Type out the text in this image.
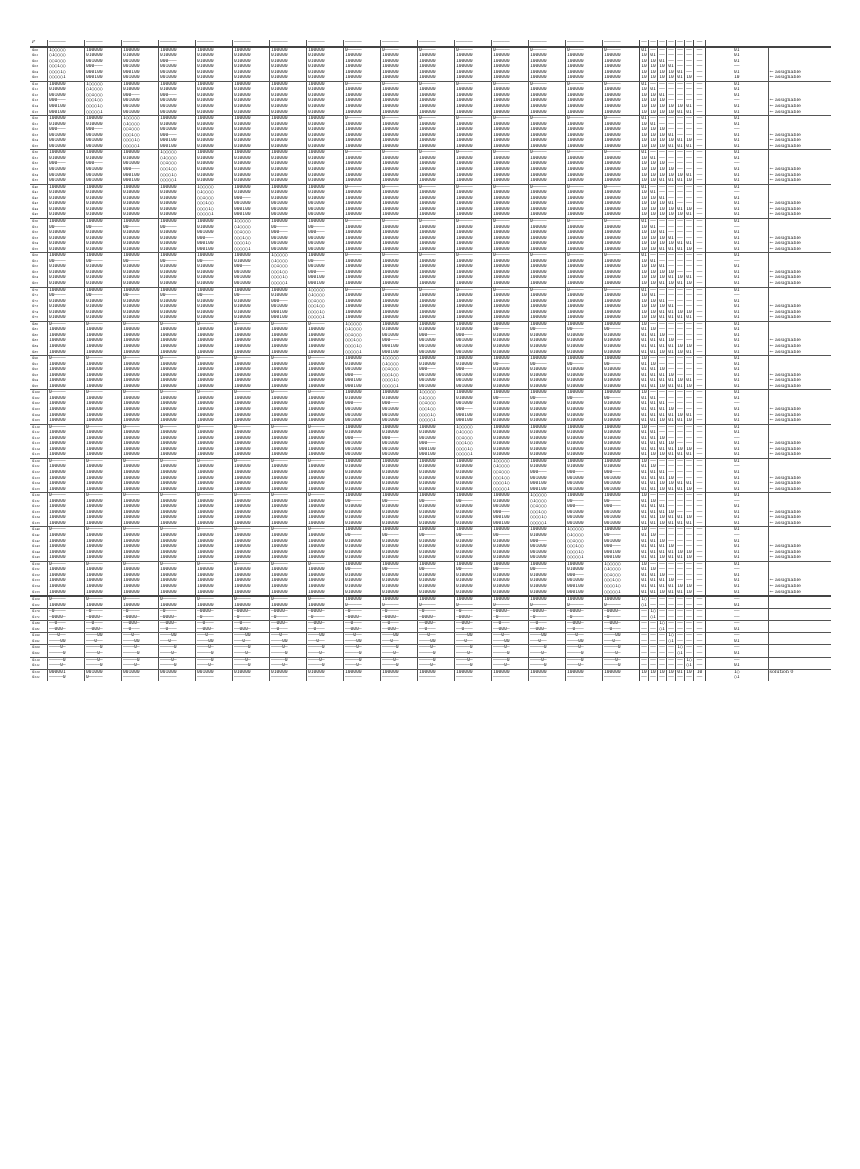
P	––––––	––––––	––––––	––––––	––––––	––––––	––––––	––––––	––––––	––––––	––––––	––––––	––––––	––––––	––––––	––––––	––	––	––	––	––	––	––		
s₀₀	1○○○○○	100000	100000	100000	100000	100000	100000	100000	0–––––	0–––––	0–––––	0–––––	0–––––	0–––––	0–––––	0–––––	01	––	––	––	––	––	––	01	
s₀₁	○1○○○○	010000	010000	010000	010000	010000	010000	010000	100000	100000	100000	100000	100000	100000	100000	100000	10	01	––	––	––	––	––	01	
s₀₂	○○1○○○	001000	001000	000–––	010000	010000	010000	010000	100000	100000	100000	100000	100000	100000	100000	100000	10	10	01	––	––	––	––	01	
s₀₃	○○○1○○	000–––	001000	001000	010000	010000	010000	010000	100000	100000	100000	100000	100000	100000	100000	100000	10	10	10	01	––	––	––	––	
s₀₄	○○○○1○	000100	000100	001000	010000	010000	010000	010000	100000	100000	100000	100000	100000	100000	100000	100000	10	10	10	10	01	––	––	01	← assignable
s₀₅	○○○○○1	000100	001000	001000	010000	010000	010000	010000	100000	100000	100000	100000	100000	100000	100000	100000	10	10	10	10	01	10	––	10	← assignable
s₁₀	100000	1○○○○○	100000	100000	100000	100000	100000	100000	0–––––	0–––––	0–––––	0–––––	0–––––	0–––––	0–––––	0–––––	01	––	––	––	––	––	––	01	
s₁₁	010000	○1○○○○	010000	010000	010000	010000	010000	010000	100000	100000	100000	100000	100000	100000	100000	100000	10	01	––	––	––	––	––	01	
s₁₂	001000	○○1○○○	000–––	000–––	010000	010000	010000	010000	100000	100000	100000	100000	100000	100000	100000	100000	10	10	01	––	––	––	––	01	
s₁₃	000–––	○○○1○○	001000	001000	010000	010000	010000	010000	100000	100000	100000	100000	100000	100000	100000	100000	10	10	10	––	––	––	––	––	← assignable
s₁₄	000100	○○○○1○	001000	001000	010000	010000	010000	010000	100000	100000	100000	100000	100000	100000	100000	100000	10	10	10	10	10	01	––	01	← assignable
s₁₅	000100	○○○○○1	001000	001000	010000	010000	010000	010000	100000	100000	100000	100000	100000	100000	100000	100000	10	10	10	10	01	01	––	01	← assignable
s₂₀	100000	100000	1○○○○○	100000	100000	100000	100000	100000	0–––––	0–––––	0–––––	0–––––	0–––––	0–––––	0–––––	0–––––	01	––	––	––	––	––	––	01	
s₂₁	010000	010000	○1○○○○	010000	010000	010000	010000	010000	100000	100000	100000	100000	100000	100000	100000	100000	10	01	––	––	––	––	––	01	
s₂₂	000–––	000–––	○○1○○○	001000	010000	010000	010000	010000	100000	100000	100000	100000	100000	100000	100000	100000	10	10	10	––	––	––	––	––	
s₂₃	001000	001000	○○○1○○	000–––	010000	010000	010000	010000	100000	100000	100000	100000	100000	100000	100000	100000	10	10	10	01	––	––	––	01	← assignable
s₂₄	001000	001000	○○○○1○	000100	010000	010000	010000	010000	100000	100000	100000	100000	100000	100000	100000	100000	10	10	10	10	01	10	––	01	← assignable
s₂₅	001000	001000	○○○○○1	000100	010000	010000	010000	010000	100000	100000	100000	100000	100000	100000	100000	100000	10	10	10	01	01	01	––	01	← assignable
s₃₀	100000	100000	100000	1○○○○○	100000	100000	100000	100000	0–––––	0–––––	0–––––	0–––––	0–––––	0–––––	0–––––	0–––––	01	––	––	––	––	––	––	01	
s₃₁	010000	010000	010000	○1○○○○	010000	010000	010000	010000	100000	100000	100000	100000	100000	100000	100000	100000	10	01	––	––	––	––	––	01	
s₃₂	000–––	000–––	001000	○○1○○○	010000	010000	010000	010000	100000	100000	100000	100000	100000	100000	100000	100000	10	10	10	––	––	––	––	––	
s₃₃	001000	001000	000–––	○○○1○○	010000	010000	010000	010000	100000	100000	100000	100000	100000	100000	100000	100000	10	10	10	10	––	––	––	01	← assignable
s₃₄	001000	001000	000100	○○○○1○	010000	010000	010000	010000	100000	100000	100000	100000	100000	100000	100000	100000	10	10	10	10	10	01	––	01	← assignable
s₃₅	001000	001000	000100	○○○○○1	010000	010000	010000	010000	100000	100000	100000	100000	100000	100000	100000	100000	10	10	01	01	01	10	––	01	← assignable
s₄₀	100000	100000	100000	100000	1○○○○○	100000	100000	100000	0–––––	0–––––	0–––––	0–––––	0–––––	0–––––	0–––––	0–––––	01	––	––	––	––	––	––	01	
s₄₁	010000	010000	010000	010000	○1○○○○	010000	010000	010000	100000	100000	100000	100000	100000	100000	100000	100000	10	01	––	––	––	––	––	––	
s₄₂	010000	010000	010000	010000	○○1○○○	000–––	010000	010000	100000	100000	100000	100000	100000	100000	100000	100000	10	10	01	––	––	––	––	01	
s₄₃	010000	010000	010000	010000	○○○1○○	001000	001000	001000	100000	100000	100000	100000	100000	100000	100000	100000	10	10	10	01	––	––	––	01	← assignable
s₄₄	010000	010000	010000	010000	○○○○1○	000100	001000	001000	100000	100000	100000	100000	100000	100000	100000	100000	10	10	10	10	01	10	––	01	← assignable
s₄₅	010000	010000	010000	010000	○○○○○1	000100	001000	001000	100000	100000	100000	100000	100000	100000	100000	100000	10	10	10	10	10	01	––	01	← assignable
s₅₀	100000	100000	100000	100000	100000	1○○○○○	100000	100000	0–––––	0–––––	0–––––	0–––––	0–––––	0–––––	0–––––	0–––––	01	––	––	––	––	––	––	01	
s₅₁	00––––	00––––	00––––	00––––	010000	○1○○○○	00––––	00––––	100000	100000	100000	100000	100000	100000	100000	100000	10	01	––	––	––	––	––	––	
s₅₂	010000	010000	010000	010000	001000	○○1○○○	000–––	000–––	100000	100000	100000	100000	100000	100000	100000	100000	10	10	01	––	––	––	––	01	
s₅₃	010000	010000	010000	010000	000–––	○○○1○○	001000	001000	100000	100000	100000	100000	100000	100000	100000	100000	10	10	10	01	––	––	––	01	← assignable
s₅₄	010000	010000	010000	010000	000100	○○○○1○	001000	001000	100000	100000	100000	100000	100000	100000	100000	100000	10	10	10	10	01	01	––	01	← assignable
s₅₅	010000	010000	010000	010000	000100	○○○○○1	001000	001000	100000	100000	100000	100000	100000	100000	100000	100000	10	10	01	01	01	10	––	01	← assignable
s₆₀	100000	100000	100000	100000	100000	100000	1○○○○○	100000	0–––––	0–––––	0–––––	0–––––	0–––––	0–––––	0–––––	0–––––	01	––	––	––	––	––	––	01	
s₆₁	00––––	00––––	00––––	00––––	00––––	010000	○1○○○○	00––––	100000	100000	100000	100000	100000	100000	100000	100000	10	01	––	––	––	––	––	––	
s₆₂	010000	010000	010000	010000	010000	000–––	○○1○○○	001000	100000	100000	100000	100000	100000	100000	100000	100000	10	10	01	––	––	––	––	01	
s₆₃	010000	010000	010000	010000	010000	001000	○○○1○○	000–––	100000	100000	100000	100000	100000	100000	100000	100000	10	10	10	10	––	––	––	01	← assignable
s₆₄	010000	010000	010000	010000	010000	001000	○○○○1○	000100	100000	100000	100000	100000	100000	100000	100000	100000	10	10	10	01	10	01	––	01	← assignable
s₆₅	010000	010000	010000	010000	010000	001000	○○○○○1	000100	100000	100000	100000	100000	100000	100000	100000	100000	10	10	01	10	01	10	––	01	← assignable
s₇₀	100000	100000	100000	100000	100000	100000	100000	1○○○○○	0–––––	0–––––	0–––––	0–––––	0–––––	0–––––	0–––––	0–––––	01	––	––	––	––	––	––	01	
s₇₁	00––––	00––––	00––––	00––––	00––––	00––––	010000	○1○○○○	100000	100000	100000	100000	100000	100000	100000	100000	10	01	––	––	––	––	––	––	
s₇₂	010000	010000	010000	010000	010000	010000	000–––	○○1○○○	100000	100000	100000	100000	100000	100000	100000	100000	10	10	01	––	––	––	––	01	
s₇₃	010000	010000	010000	010000	010000	010000	001000	○○○1○○	100000	100000	100000	100000	100000	100000	100000	100000	10	10	10	01	––	––	––	01	← assignable
s₇₄	010000	010000	010000	010000	010000	010000	000100	○○○○1○	100000	100000	100000	100000	100000	100000	100000	100000	10	10	01	01	10	10	––	01	← assignable
s₇₅	010000	010000	010000	010000	010000	010000	000100	○○○○○1	100000	100000	100000	100000	100000	100000	100000	100000	10	10	01	01	01	01	––	01	← assignable
s₈₀	0–––––	0–––––	0–––––	0–––––	0–––––	0–––––	0–––––	0–––––	1○○○○○	100000	100000	100000	100000	100000	100000	100000	10	––	––	––	––	––	––	01	
s₈₁	100000	100000	100000	100000	100000	100000	100000	100000	○1○○○○	010000	010000	010000	00––––	00––––	00––––	00––––	01	10	––	––	––	––	––	01	
s₈₂	100000	100000	100000	100000	100000	100000	100000	100000	○○1○○○	001000	000–––	000–––	010000	010000	010000	010000	01	01	10	––	––	––	––	01	
s₈₃	100000	100000	100000	100000	100000	100000	100000	100000	○○○1○○	000–––	001000	001000	010000	010000	010000	010000	01	01	01	10	––	––	––	01	← assignable
s₈₄	100000	100000	100000	100000	100000	100000	100000	100000	○○○○1○	000100	001000	001000	010000	010000	010000	010000	01	01	01	01	10	10	––	01	← assignable
s₈₅	100000	100000	100000	100000	100000	100000	100000	100000	○○○○○1	000100	001000	001000	010000	010000	010000	010000	01	01	10	01	10	01	––	01	← assignable
s₉₀	0–––––	0–––––	0–––––	0–––––	0–––––	0–––––	0–––––	0–––––	100000	1○○○○○	100000	100000	100000	100000	100000	100000	10	––	––	––	––	––	––	01	
s₉₁	100000	100000	100000	100000	100000	100000	100000	100000	010000	○1○○○○	010000	010000	00––––	00––––	00––––	00––––	01	10	––	––	––	––	––	01	
s₉₂	100000	100000	100000	100000	100000	100000	100000	100000	001000	○○1○○○	000–––	000–––	010000	010000	010000	010000	01	01	10	––	––	––	––	01	
s₉₃	100000	100000	100000	100000	100000	100000	100000	100000	000–––	○○○1○○	001000	001000	010000	010000	010000	010000	01	01	01	10	––	––	––	01	← assignable
s₉₄	100000	100000	100000	100000	100000	100000	100000	100000	000100	○○○○1○	001000	001000	010000	010000	010000	010000	01	01	01	01	10	01	––	01	← assignable
s₉₅	100000	100000	100000	100000	100000	100000	100000	100000	000100	○○○○○1	001000	001000	010000	010000	010000	010000	01	01	10	01	01	10	––	01	← assignable
s₁₀₀	0–––––	0–––––	0–––––	0–––––	0–––––	0–––––	0–––––	0–––––	100000	100000	1○○○○○	100000	100000	100000	100000	100000	10	––	––	––	––	––	––	01	
s₁₀₁	100000	100000	100000	100000	100000	100000	100000	100000	010000	010000	○1○○○○	010000	00––––	00––––	00––––	00––––	01	01	––	––	––	––	––	01	
s₁₀₂	100000	100000	100000	100000	100000	100000	100000	100000	000–––	000–––	○○1○○○	001000	010000	010000	010000	010000	01	01	01	––	––	––	––	––	
s₁₀₃	100000	100000	100000	100000	100000	100000	100000	100000	001000	001000	○○○1○○	000–––	010000	010000	010000	010000	01	01	01	10	––	––	––	01	← assignable
s₁₀₄	100000	100000	100000	100000	100000	100000	100000	100000	001000	001000	○○○○1○	000100	010000	010000	010000	010000	01	01	01	01	10	01	––	01	← assignable
s₁₀₅	100000	100000	100000	100000	100000	100000	100000	100000	001000	001000	○○○○○1	000100	010000	010000	010000	010000	01	01	10	01	01	10	––	01	← assignable
s₁₁₀	0–––––	0–––––	0–––––	0–––––	0–––––	0–––––	0–––––	0–––––	100000	100000	100000	1○○○○○	100000	100000	100000	100000	10	––	––	––	––	––	––	01	
s₁₁₁	100000	100000	100000	100000	100000	100000	100000	100000	010000	010000	010000	○1○○○○	010000	010000	010000	010000	01	01	––	––	––	––	––	01	
s₁₁₂	100000	100000	100000	100000	100000	100000	100000	100000	000–––	000–––	001000	○○1○○○	010000	010000	010000	010000	01	01	10	––	––	––	––	––	
s₁₁₃	100000	100000	100000	100000	100000	100000	100000	100000	001000	001000	000–––	○○○1○○	010000	010000	010000	010000	01	01	01	10	––	––	––	01	← assignable
s₁₁₄	100000	100000	100000	100000	100000	100000	100000	100000	001000	001000	000100	○○○○1○	010000	010000	010000	010000	01	01	01	01	10	10	––	01	← assignable
s₁₁₅	100000	100000	100000	100000	100000	100000	100000	100000	001000	001000	000100	○○○○○1	010000	010000	010000	010000	01	10	10	01	01	01	––	01	← assignable
s₁₂₀	0–––––	0–––––	0–––––	0–––––	0–––––	0–––––	0–––––	0–––––	100000	100000	100000	100000	1○○○○○	100000	100000	100000	10	––	––	––	––	––	––	01	
s₁₂₁	100000	100000	100000	100000	100000	100000	100000	100000	010000	010000	010000	010000	○1○○○○	010000	010000	010000	01	10	––	––	––	––	––	––	
s₁₂₂	100000	100000	100000	100000	100000	100000	100000	100000	010000	010000	010000	010000	○○1○○○	000–––	000–––	000–––	01	01	01	––	––	––	––	01	
s₁₂₃	100000	100000	100000	100000	100000	100000	100000	100000	010000	010000	010000	010000	○○○1○○	001000	001000	001000	01	01	01	10	––	––	––	01	← assignable
s₁₂₄	100000	100000	100000	100000	100000	100000	100000	100000	010000	010000	010000	010000	○○○○1○	000100	001000	001000	01	01	10	10	01	01	––	01	← assignable
s₁₂₅	100000	100000	100000	100000	100000	100000	100000	100000	010000	010000	010000	010000	○○○○○1	000100	001000	001000	01	01	10	01	01	10	––	01	← assignable
s₁₃₀	0–––––	0–––––	0–––––	0–––––	0–––––	0–––––	0–––––	0–––––	100000	100000	100000	100000	100000	1○○○○○	100000	100000	10	––	––	––	––	––	––	01	
s₁₃₁	100000	100000	100000	100000	100000	100000	100000	100000	00––––	00––––	00––––	00––––	010000	○1○○○○	00––––	00––––	01	10	––	––	––	––	––	––	
s₁₃₂	100000	100000	100000	100000	100000	100000	100000	100000	010000	010000	010000	010000	001000	○○1○○○	000–––	000–––	01	01	01	––	––	––	––	01	
s₁₃₃	100000	100000	100000	100000	100000	100000	100000	100000	010000	010000	010000	010000	000–––	○○○1○○	001000	001000	01	01	01	10	––	––	––	01	← assignable
s₁₃₄	100000	100000	100000	100000	100000	100000	100000	100000	010000	010000	010000	010000	000100	○○○○1○	001000	001000	01	01	10	01	01	10	––	01	← assignable
s₁₃₅	100000	100000	100000	100000	100000	100000	100000	100000	010000	010000	010000	010000	000100	○○○○○1	001000	001000	01	01	10	01	01	01	––	01	← assignable
s₁₄₀	0–––––	0–––––	0–––––	0–––––	0–––––	0–––––	0–––––	0–––––	100000	100000	100000	100000	100000	100000	1○○○○○	100000	10	––	––	––	––	––	––	01	
s₁₄₁	100000	100000	100000	100000	100000	100000	100000	100000	00––––	00––––	00––––	00––––	00––––	010000	○1○○○○	00––––	01	10	––	––	––	––	––	––	
s₁₄₂	100000	100000	100000	100000	100000	100000	100000	100000	010000	010000	010000	010000	010000	000–––	○○1○○○	001000	01	01	10	––	––	––	––	01	
s₁₄₃	100000	100000	100000	100000	100000	100000	100000	100000	010000	010000	010000	010000	010000	001000	○○○1○○	000–––	01	01	01	10	––	––	––	01	← assignable
s₁₄₄	100000	100000	100000	100000	100000	100000	100000	100000	010000	010000	010000	010000	010000	001000	○○○○1○	000100	01	01	01	01	10	10	––	01	← assignable
s₁₄₅	100000	100000	100000	100000	100000	100000	100000	100000	010000	010000	010000	010000	010000	001000	○○○○○1	000100	01	01	10	01	01	10	––	01	← assignable
s₁₅₀	0–––––	0–––––	0–––––	0–––––	0–––––	0–––––	0–––––	0–––––	100000	100000	100000	100000	100000	100000	100000	1○○○○○	10	––	––	––	––	––	––	01	
s₁₅₁	100000	100000	100000	100000	100000	100000	100000	100000	00––––	00––––	00––––	00––––	00––––	00––––	010000	○1○○○○	01	10	––	––	––	––	––	––	
s₁₅₂	100000	100000	100000	100000	100000	100000	100000	100000	010000	010000	010000	010000	010000	010000	000–––	○○1○○○	01	01	10	––	––	––	––	01	
s₁₅₃	100000	100000	100000	100000	100000	100000	100000	100000	010000	010000	010000	010000	010000	010000	001000	○○○1○○	01	01	01	10	––	––	––	01	← assignable
s₁₅₄	100000	100000	100000	100000	100000	100000	100000	100000	010000	010000	010000	010000	010000	010000	000100	○○○○1○	01	01	01	01	10	10	––	01	← assignable
s₁₅₅	100000	100000	100000	100000	100000	100000	100000	100000	010000	010000	010000	010000	010000	010000	000100	○○○○○1	01	01	10	01	01	10	––	01	← assignable
s₁₆₀	0–––––	0–––––	0–––––	0–––––	0–––––	0–––––	0–––––	0–––––	100000	100000	100000	100000	100000	100000	100000	100000	1○	––	––	––	––	––	––	––	
s₁₆₁	100000	100000	100000	100000	100000	100000	100000	100000	0–––––	0–––––	0–––––	0–––––	0–––––	0–––––	0–––––	0–––––	○1	––	––	––	––	––	––	01	
s₁₇₀	–0––––	–0––––	–0––––	–0––––	–0000–	–0000–	–0000–	–0000–	–0––––	–0––––	–0––––	–0––––	–0000–	–0000–	–0000–	–0000–	––	1○	––	––	––	––	––	––	
s₁₇₁	–0000–	–0000–	–0000–	–0000–	–0––––	–0––––	–0––––	–0––––	–0000–	–0000–	–0000–	–0000–	–0––––	–0––––	–0––––	–0––––	––	○1	––	––	––	––	––	––	
s₁₈₀	––0–––	––0–––	––000–	––000–	––0–––	––0–––	––000–	––000–	––0–––	––0–––	––000–	––000–	––0–––	––0–––	––000–	––000–	––	––	1○	––	––	––	––	––	
s₁₈₁	––000–	––000–	––0–––	––0–––	––000–	––000–	––0–––	––0–––	––000–	––000–	––0–––	––0–––	––000–	––000–	––0–––	––0–––	––	––	○1	––	––	––	––	01	
s₁₉₀	–––0––	––––00	–––0––	––––00	–––0––	––––00	–––0––	––––00	–––0––	––––00	–––0––	––––00	–––0––	––––00	–––0––	––––00	––	––	––	1○	––	––	––	––	
s₁₉₁	––––00	–––0––	––––00	–––0––	––––00	–––0––	––––00	–––0––	––––00	–––0––	––––00	–––0––	––––00	–––0––	––––00	–––0––	––	––	––	○1	––	––	––	01	
s₂₀₀	––––0–	–––––0	––––0–	–––––0	––––0–	–––––0	––––0–	–––––0	––––0–	–––––0	––––0–	–––––0	––––0–	–––––0	––––0–	–––––0	––	––	––	––	1○	––	––	––	
s₂₀₁	–––––0	––––0–	–––––0	––––0–	–––––0	––––0–	–––––0	––––0–	–––––0	––––0–	–––––0	––––0–	–––––0	––––0–	–––––0	––––0–	––	––	––	––	○1	––	––	01	
s₂₁₀	–––––0	––––0–	–––––0	––––0–	–––––0	––––0–	–––––0	––––0–	–––––0	––––0–	–––––0	––––0–	–––––0	––––0–	–––––0	––––0–	––	––	––	––	––	1○	––	––	
s₂₁₁	––––0–	–––––0	––––0–	–––––0	––––0–	–––––0	––––0–	–––––0	––––0–	–––––0	––––0–	–––––0	––––0–	–––––0	––––0–	–––––0	––	––	––	––	––	○1	––	01	
s₂₂₀	000001	001000	001000	001000	001000	010000	010000	010000	100000	100000	100000	100000	100000	100000	100000	100000	10	10	10	10	01	10	10	1○	solution 0
s₂₂₁	–––––0	0–––––	––––––	––––––	––––––	––––––	––––––	––––––	––––––	––––––	––––––	––––––	––––––	––––––	––––––	––––––	––	––	––	––	––	––	––	○1	
